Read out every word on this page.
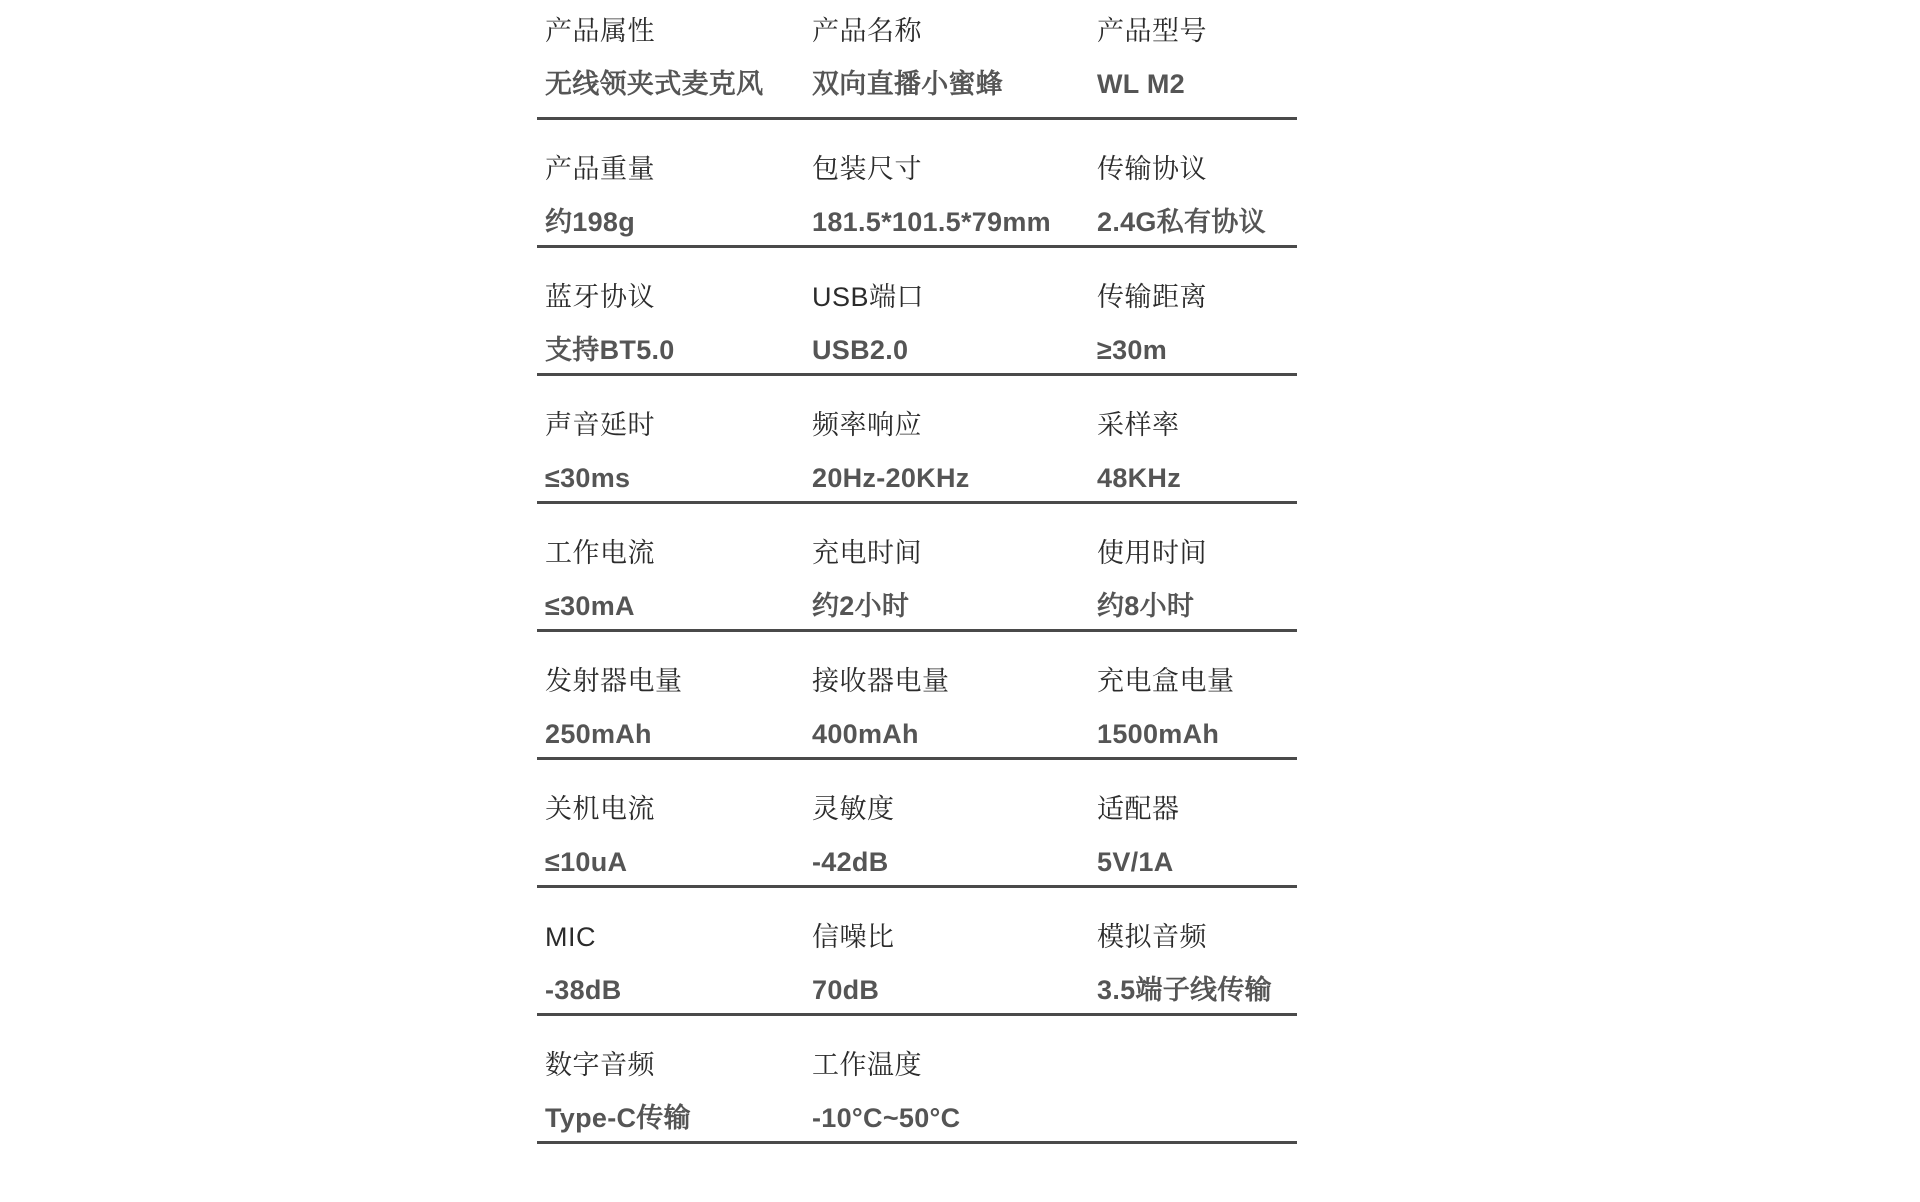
产品属性
无线领夹式麦克风
产品名称
双向直播小蜜蜂
产品型号
WL M2
产品重量
约198g
包装尺寸
181.5*101.5*79mm
传输协议
2.4G私有协议
蓝牙协议
支持BT5.0
USB端口
USB2.0
传输距离
≥30m
声音延时
≤30ms
频率响应
20Hz-20KHz
采样率
48KHz
工作电流
≤30mA
充电时间
约2小时
使用时间
约8小时
发射器电量
250mAh
接收器电量
400mAh
充电盒电量
1500mAh
关机电流
≤10uA
灵敏度
-42dB
适配器
5V/1A
MIC
-38dB
信噪比
70dB
模拟音频
3.5端子线传输
数字音频
Type-C传输
工作温度
-10°C~50°C
